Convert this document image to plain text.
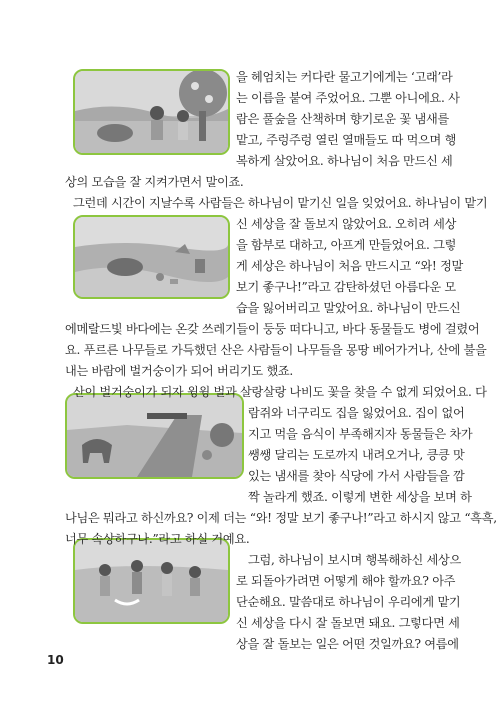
을 헤엄치는 커다란 물고기에게는 ‘고래’라
는 이름을 붙여 주었어요. 그뿐 아니에요. 사
람은 풀숲을 산책하며 향기로운 꽃 냄새를
맡고, 주렁주렁 열린 열매들도 따 먹으며 행
복하게 살았어요. 하나님이 처음 만드신 세
상의 모습을 잘 지켜가면서 말이죠.
그런데 시간이 지날수록 사람들은 하나님이 맡기신 일을 잊었어요. 하나님이 맡기
신 세상을 잘 돌보지 않았어요. 오히려 세상
을 함부로 대하고, 아프게 만들었어요. 그렇
게 세상은 하나님이 처음 만드시고 “와! 정말
보기 좋구나!”라고 감탄하셨던 아름다운 모
습을 잃어버리고 말았어요. 하나님이 만드신
에메랄드빛 바다에는 온갖 쓰레기들이 둥둥 떠다니고, 바다 동물들도 병에 걸렸어
요. 푸르른 나무들로 가득했던 산은 사람들이 나무들을 몽땅 베어가거나, 산에 불을
내는 바람에 벌거숭이가 되어 버리기도 했죠.
산이 벌거숭이가 되자 윙윙 벌과 살랑살랑 나비도 꽃을 찾을 수 없게 되었어요. 다
람쥐와 너구리도 집을 잃었어요. 집이 없어
지고 먹을 음식이 부족해지자 동물들은 차가
쌩쌩 달리는 도로까지 내려오거나, 킁킁 맛
있는 냄새를 찾아 식당에 가서 사람들을 깜
짝 놀라게 했죠. 이렇게 변한 세상을 보며 하
나님은 뭐라고 하신까요? 이제 더는 “와! 정말 보기 좋구나!”라고 하시지 않고 “흑흑,
너무 속상하구나.”라고 하실 거예요.
그럼, 하나님이 보시며 행복해하신 세상으
로 되돌아가려면 어떻게 해야 할까요? 아주
단순해요. 말씀대로 하나님이 우리에게 맡기
신 세상을 다시 잘 돌보면 돼요. 그렇다면 세
상을 잘 돌보는 일은 어떤 것일까요? 여름에
10
